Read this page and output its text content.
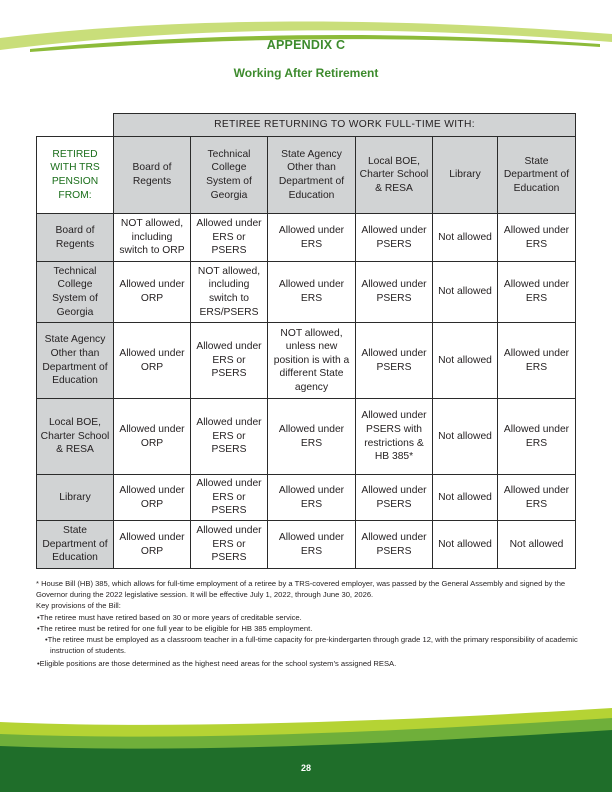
APPENDIX C
Working After Retirement
	RETIREE RETURNING TO WORK FULL-TIME WITH:					
RETIRED WITH TRS PENSION FROM:	Board of Regents	Technical College System of Georgia	State Agency Other than Department of Education	Local BOE, Charter School & RESA	Library	State Department of Education
Board of Regents	NOT allowed, including switch to ORP	Allowed under ERS or PSERS	Allowed under ERS	Allowed under PSERS	Not allowed	Allowed under ERS
Technical College System of Georgia	Allowed under ORP	NOT allowed, including switch to ERS/PSERS	Allowed under ERS	Allowed under PSERS	Not allowed	Allowed under ERS
State Agency Other than Department of Education	Allowed under ORP	Allowed under ERS or PSERS	NOT allowed, unless new position is with a different State agency	Allowed under PSERS	Not allowed	Allowed under ERS
Local BOE, Charter School & RESA	Allowed under ORP	Allowed under ERS or PSERS	Allowed under ERS	Allowed under PSERS with restrictions & HB 385*	Not allowed	Allowed under ERS
Library	Allowed under ORP	Allowed under ERS or PSERS	Allowed under ERS	Allowed under PSERS	Not allowed	Allowed under ERS
State Department of Education	Allowed under ORP	Allowed under ERS or PSERS	Allowed under ERS	Allowed under PSERS	Not allowed	Not allowed

* House Bill (HB) 385, which allows for full-time employment of a retiree by a TRS-covered employer, was passed by the General Assembly and signed by the Governor during the 2022 legislative session. It will be effective July 1, 2022, through June 30, 2026.

Key provisions of the Bill:

•The retiree must have retired based on 30 or more years of creditable service.
•The retiree must be retired for one full year to be eligible for HB 385 employment.
•The retiree must be employed as a classroom teacher in a full-time capacity for pre-kindergarten through grade 12, with the primary responsibility of academic instruction of students.
•Eligible positions are those determined as the highest need areas for the school system’s assigned RESA.
28
